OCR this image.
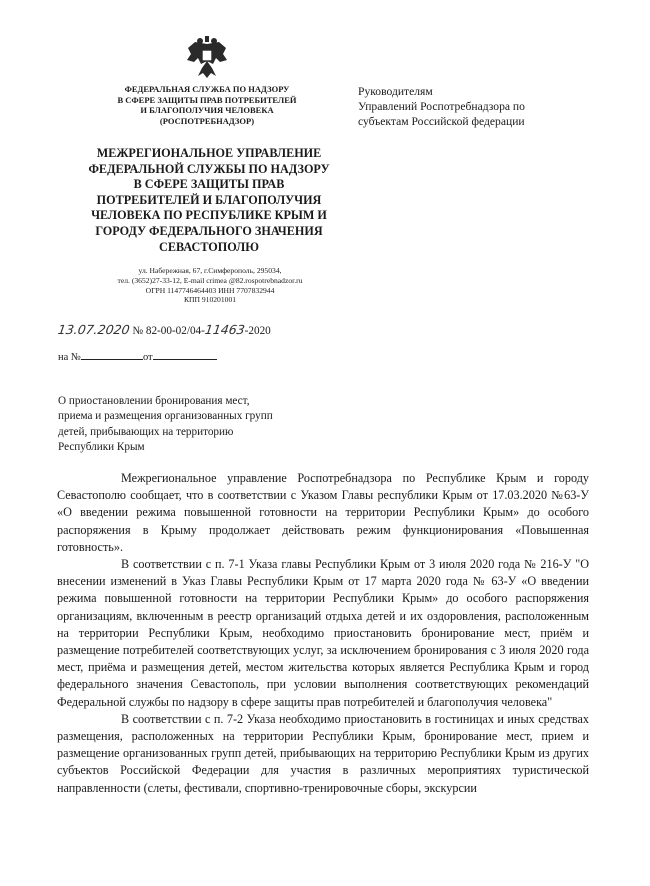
ФЕДЕРАЛЬНАЯ СЛУЖБА ПО НАДЗОРУ
В СФЕРЕ ЗАЩИТЫ ПРАВ ПОТРЕБИТЕЛЕЙ
И БЛАГОПОЛУЧИЯ ЧЕЛОВЕКА
(РОСПОТРЕБНАДЗОР)
МЕЖРЕГИОНАЛЬНОЕ УПРАВЛЕНИЕ
ФЕДЕРАЛЬНОЙ СЛУЖБЫ ПО НАДЗОРУ
В СФЕРЕ ЗАЩИТЫ ПРАВ
ПОТРЕБИТЕЛЕЙ И БЛАГОПОЛУЧИЯ
ЧЕЛОВЕКА ПО РЕСПУБЛИКЕ КРЫМ И
ГОРОДУ ФЕДЕРАЛЬНОГО ЗНАЧЕНИЯ
СЕВАСТОПОЛЮ
ул. Набережная, 67, г.Симферополь, 295034,
тел. (3652)27-33-12, E-mail crimea @82.rospotrebnadzor.ru
ОГРН 1147746464403 ИНН 7707832944
КПП 910201001
Руководителям
Управлений Роспотребнадзора по
субъектам Российской федерации
13.07.2020 № 82-00-02/04-11463-2020
на №	от
О приостановлении бронирования мест,
приема и размещения организованных групп
детей, прибывающих на территорию
Республики Крым

Межрегиональное управление Роспотребнадзора по Республике Крым и городу Севастополю сообщает, что в соответствии с Указом Главы республики Крым от 17.03.2020 №63-У «О введении режима повышенной готовности на территории Республики Крым» до особого распоряжения в Крыму продолжает действовать режим функционирования «Повышенная готовность».

В соответствии с п. 7-1 Указа главы Республики Крым от 3 июля 2020 года № 216-У "О внесении изменений в Указ Главы Республики Крым от 17 марта 2020 года № 63-У «О введении режима повышенной готовности на территории Республики Крым» до особого распоряжения организациям, включенным в реестр организаций отдыха детей и их оздоровления, расположенным на территории Республики Крым, необходимо приостановить бронирование мест, приём и размещение потребителей соответствующих услуг, за исключением бронирования с 3 июля 2020 года мест, приёма и размещения детей, местом жительства которых является Республика Крым и город федерального значения Севастополь, при условии выполнения соответствующих рекомендаций Федеральной службы по надзору в сфере защиты прав потребителей и благополучия человека"

В соответствии с п. 7-2 Указа необходимо приостановить в гостиницах и иных средствах размещения, расположенных на территории Республики Крым, бронирование мест, прием и размещение организованных групп детей, прибывающих на территорию Республики Крым из других субъектов Российской Федерации для участия в различных мероприятиях туристической направленности (слеты, фестивали, спортивно-тренировочные сборы, экскурсии
